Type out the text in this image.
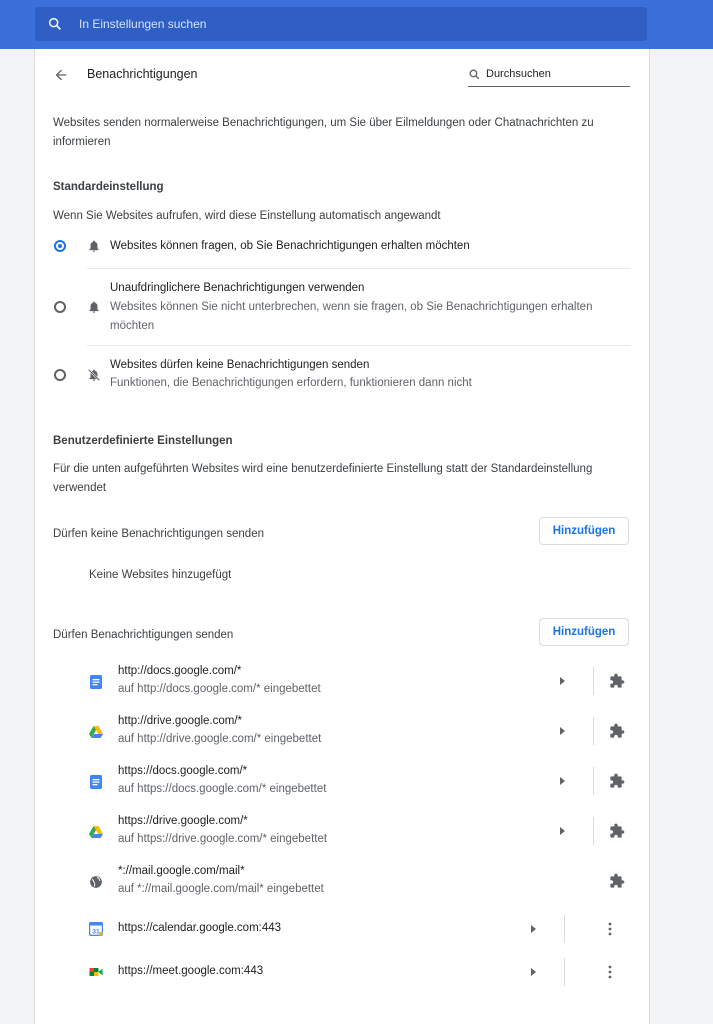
In Einstellungen suchen
Benachrichtigungen	Durchsuchen
Websites senden normalerweise Benachrichtigungen, um Sie über Eilmeldungen oder Chatnachrichten zu informieren
Standardeinstellung
Wenn Sie Websites aufrufen, wird diese Einstellung automatisch angewandt
Websites können fragen, ob Sie Benachrichtigungen erhalten möchten
Unaufdringlichere Benachrichtigungen verwenden
Websites können Sie nicht unterbrechen, wenn sie fragen, ob Sie Benachrichtigungen erhalten möchten
Websites dürfen keine Benachrichtigungen senden
Funktionen, die Benachrichtigungen erfordern, funktionieren dann nicht
Benutzerdefinierte Einstellungen
Für die unten aufgeführten Websites wird eine benutzerdefinierte Einstellung statt der Standardeinstellung verwendet
Dürfen keine Benachrichtigungen senden	Hinzufügen
Keine Websites hinzugefügt
Dürfen Benachrichtigungen senden	Hinzufügen
http://docs.google.com/*
auf http://docs.google.com/* eingebettet
http://drive.google.com/*
auf http://drive.google.com/* eingebettet
https://docs.google.com/*
auf https://docs.google.com/* eingebettet
https://drive.google.com/*
auf https://drive.google.com/* eingebettet
*://mail.google.com/mail*
auf *://mail.google.com/mail* eingebettet
31 https://calendar.google.com:443
https://meet.google.com:443
